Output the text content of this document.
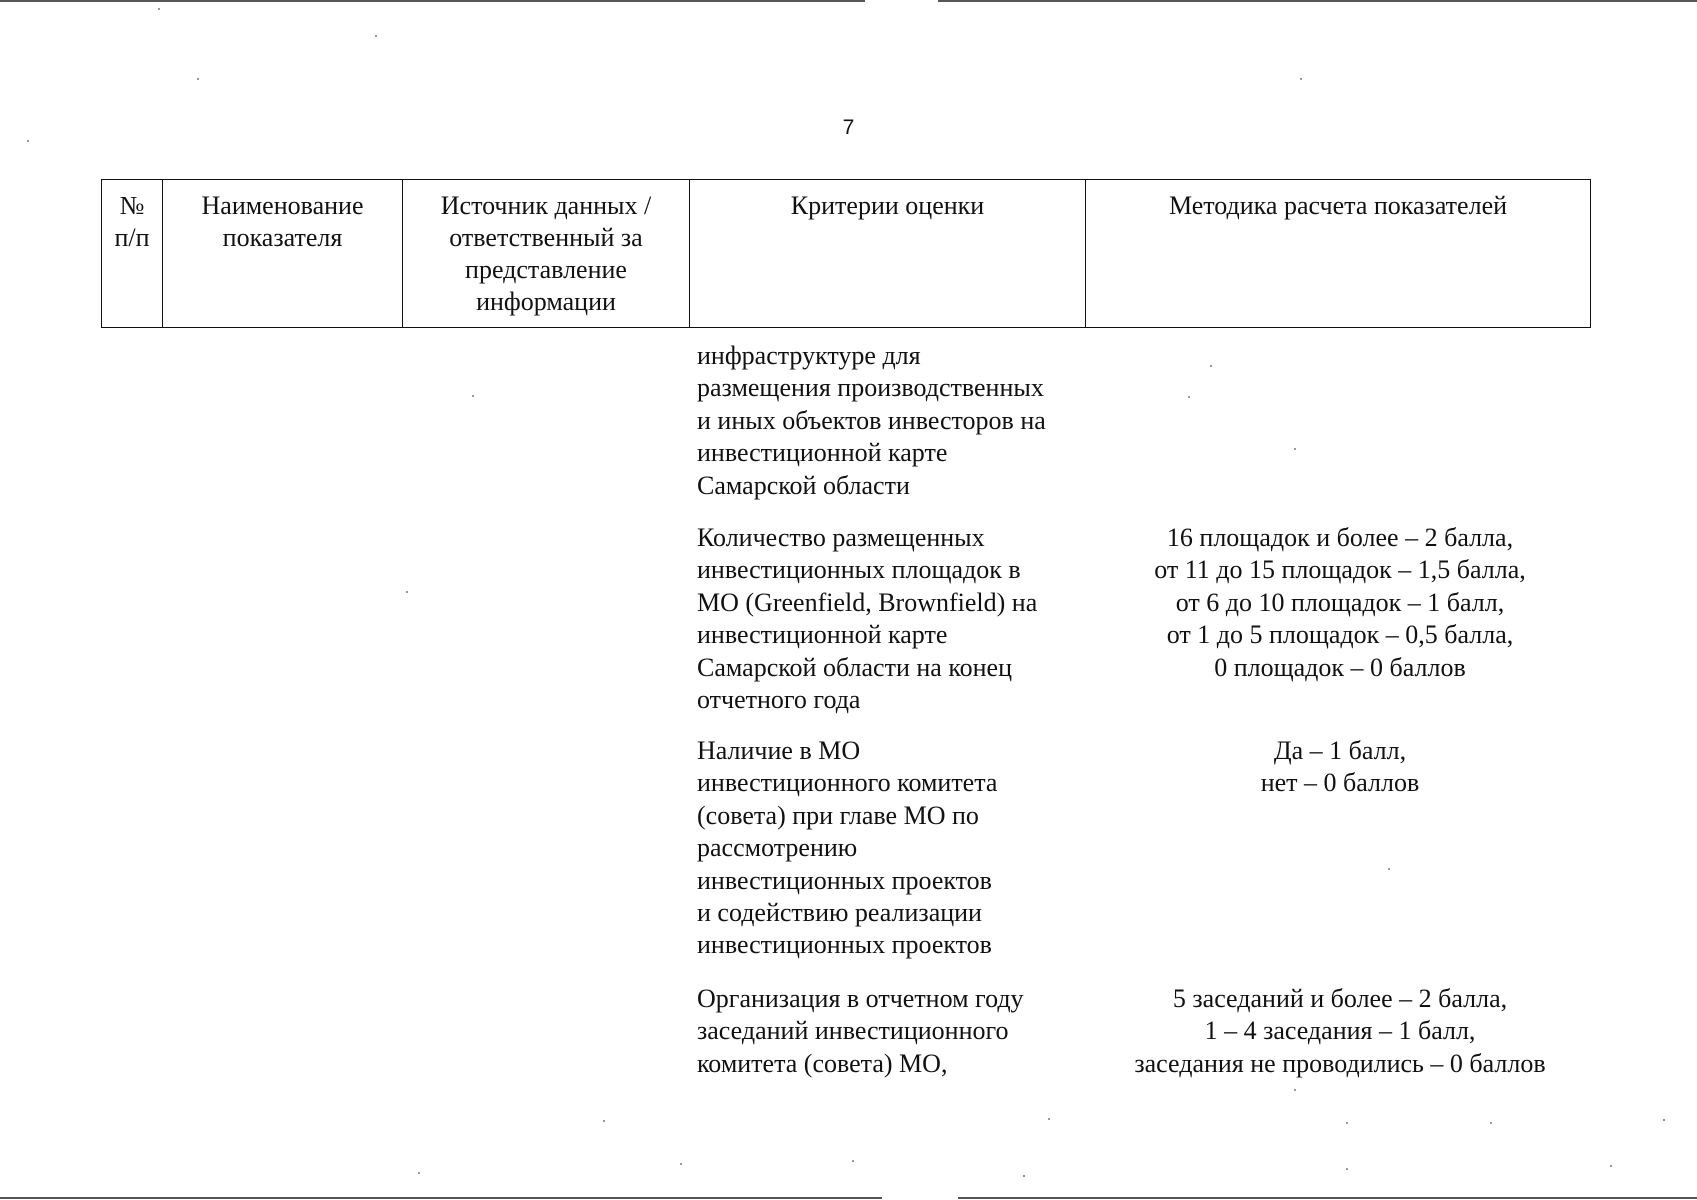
7
№
п/п
Наименование
показателя
Источник данных /
ответственный за
представление
информации
Критерии оценки	Методика расчета показателей
инфраструктуре для
размещения производственных
и иных объектов инвесторов на
инвестиционной карте
Самарской области
Количество размещенных
инвестиционных площадок в
МО (Greenfield, Brownfield) на
инвестиционной карте
Самарской области на конец
отчетного года
16 площадок и более – 2 балла,
от 11 до 15 площадок – 1,5 балла,
от 6 до 10 площадок – 1 балл,
от 1 до 5 площадок – 0,5 балла,
0 площадок – 0 баллов
Наличие в МО
инвестиционного комитета
(совета) при главе МО по
рассмотрению
инвестиционных проектов
и содействию реализации
инвестиционных проектов
Да – 1 балл,
нет – 0 баллов
Организация в отчетном году
заседаний инвестиционного
комитета (совета) МО,
5 заседаний и более – 2 балла,
1 – 4 заседания – 1 балл,
заседания не проводились – 0 баллов
